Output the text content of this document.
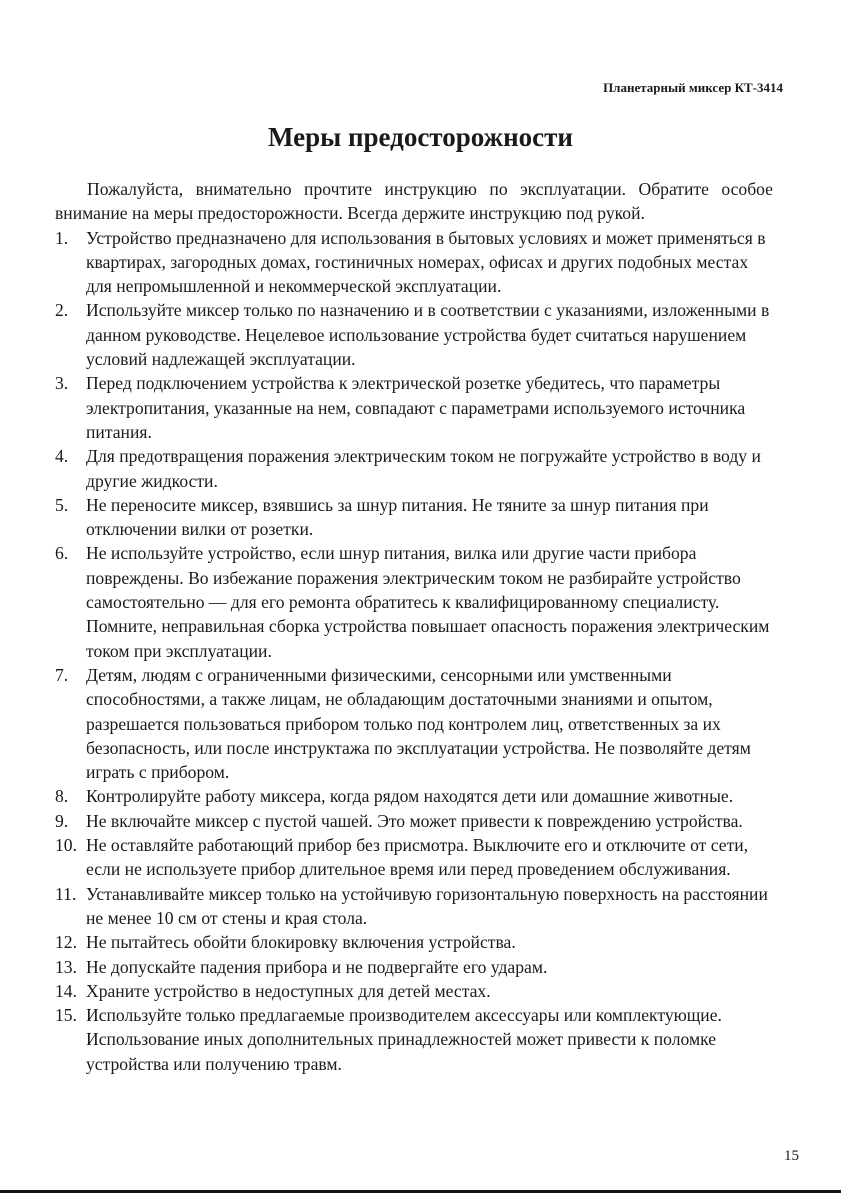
Планетарный миксер КТ-3414
Меры предосторожности

Пожалуйста, внимательно прочтите инструкцию по эксплуатации. Обратите особое внимание на меры предосторожности. Всегда держите инструкцию под рукой.

1. Устройство предназначено для использования в бытовых условиях и может применяться в квартирах, загородных домах, гостиничных номерах, офисах и других подобных местах для непромышленной и некоммерческой эксплуатации.
2. Используйте миксер только по назначению и в соответствии с указаниями, изложенными в данном руководстве. Нецелевое использование устройства будет считаться нарушением условий надлежащей эксплуатации.
3. Перед подключением устройства к электрической розетке убедитесь, что параметры электропитания, указанные на нем, совпадают с параметрами используемого источника питания.
4. Для предотвращения поражения электрическим током не погружайте устройство в воду и другие жидкости.
5. Не переносите миксер, взявшись за шнур питания. Не тяните за шнур питания при отключении вилки от розетки.
6. Не используйте устройство, если шнур питания, вилка или другие части прибора повреждены. Во избежание поражения электрическим током не разбирайте устройство самостоятельно — для его ремонта обратитесь к квалифицированному специалисту. Помните, неправильная сборка устройства повышает опасность поражения электрическим током при эксплуатации.
7. Детям, людям с ограниченными физическими, сенсорными или умственными способностями, а также лицам, не обладающим достаточными знаниями и опытом, разрешается пользоваться прибором только под контролем лиц, ответственных за их безопасность, или после инструктажа по эксплуатации устройства. Не позволяйте детям играть с прибором.
8. Контролируйте работу миксера, когда рядом находятся дети или домашние животные.
9. Не включайте миксер с пустой чашей. Это может привести к повреждению устройства.
10. Не оставляйте работающий прибор без присмотра. Выключите его и отключите от сети, если не используете прибор длительное время или перед проведением обслуживания.
11. Устанавливайте миксер только на устойчивую горизонтальную поверхность на расстоянии не менее 10 см от стены и края стола.
12. Не пытайтесь обойти блокировку включения устройства.
13. Не допускайте падения прибора и не подвергайте его ударам.
14. Храните устройство в недоступных для детей местах.
15. Используйте только предлагаемые производителем аксессуары или комплектующие. Использование иных дополнительных принадлежностей может привести к поломке устройства или получению травм.
15
